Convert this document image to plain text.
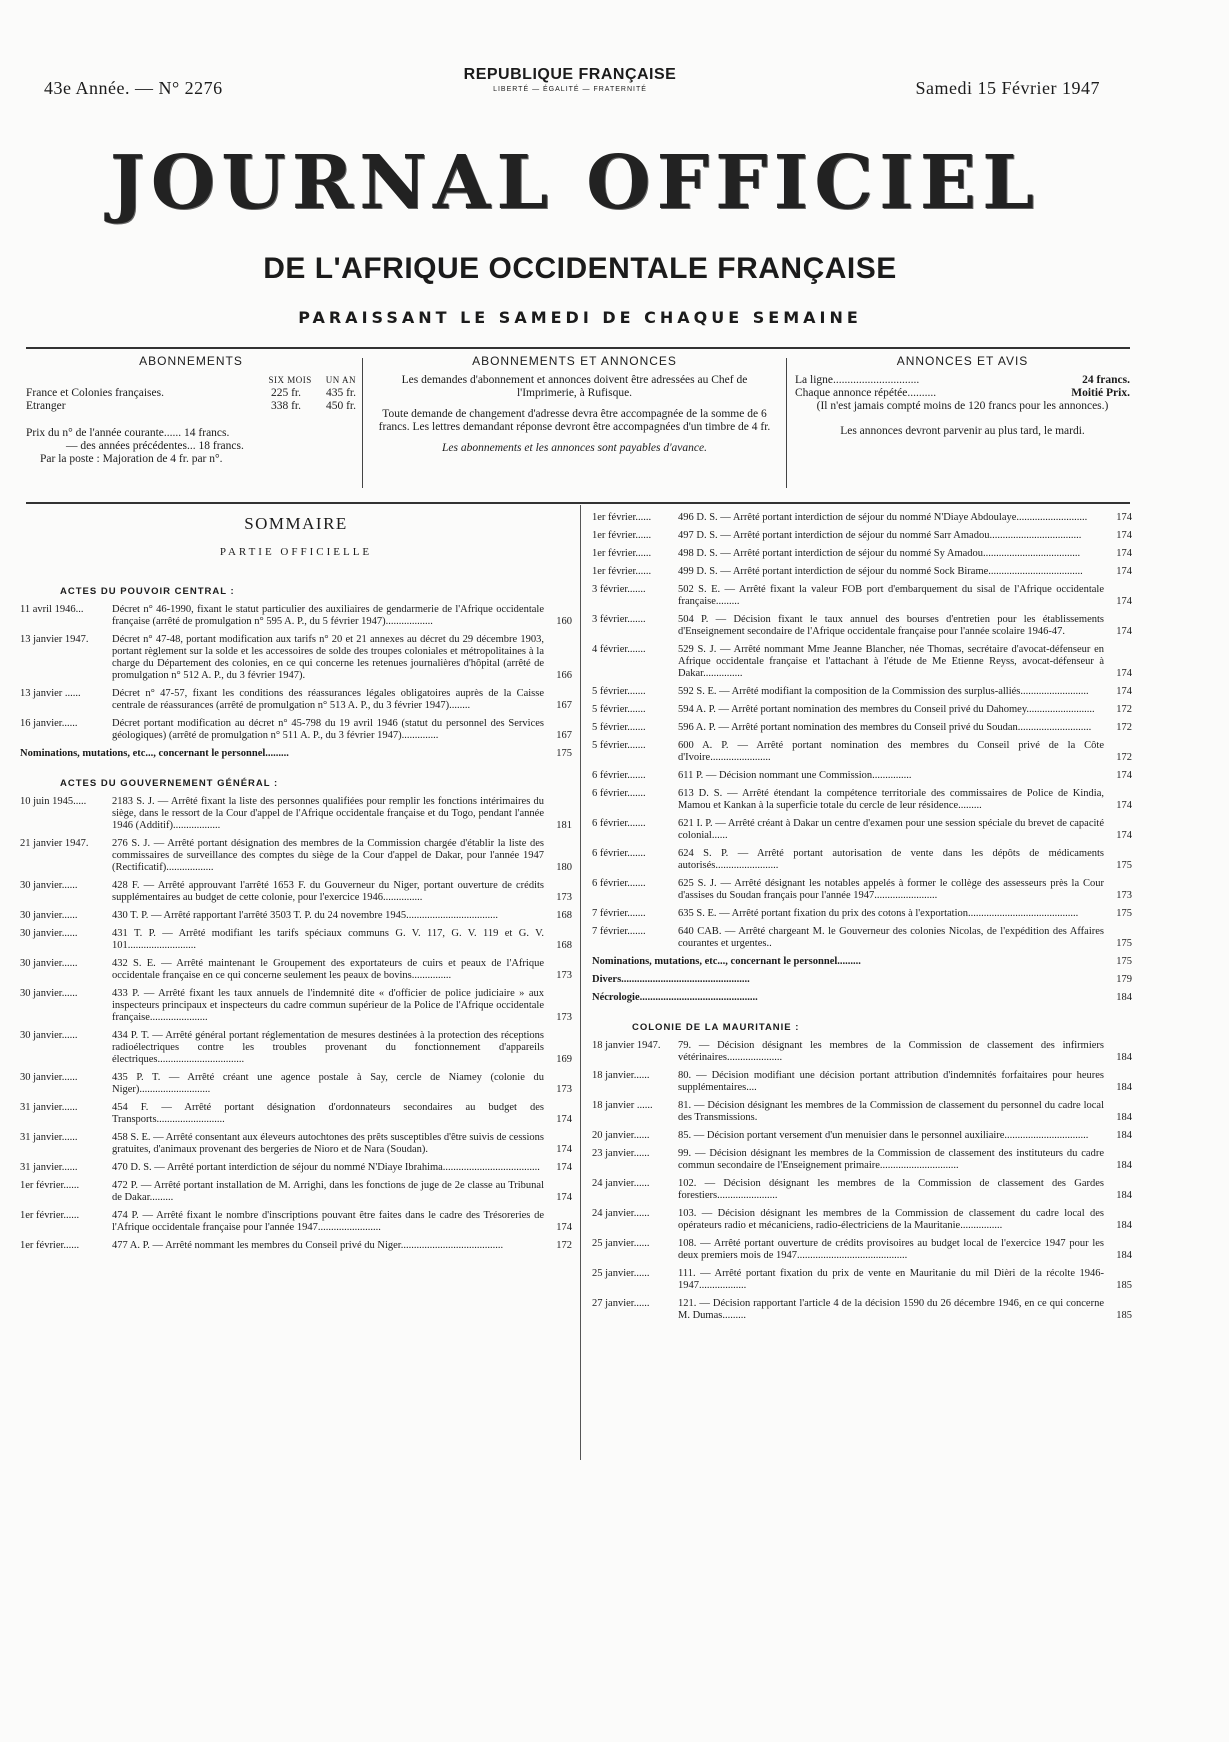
43e Année. — N° 2276
REPUBLIQUE FRANÇAISE
LIBERTÉ — ÉGALITÉ — FRATERNITÉ	Samedi 15 Février 1947
JOURNAL OFFICIEL
DE L'AFRIQUE OCCIDENTALE FRANÇAISE
PARAISSANT LE SAMEDI DE CHAQUE SEMAINE
ABONNEMENTS
SIX MOIS UN AN
France et Colonies françaises.	225 fr.	435 fr.
Etranger	338 fr.	450 fr.

Prix du n° de l'année courante...... 14 francs.

— des années précédentes... 18 francs.

Par la poste : Majoration de 4 fr. par n°.

ABONNEMENTS ET ANNONCES

Les demandes d'abonnement et annonces doivent être adressées au Chef de l'Imprimerie, à Rufisque.

Toute demande de changement d'adresse devra être accompagnée de la somme de 6 francs. Les lettres demandant réponse devront être accompagnées d'un timbre de 4 fr.

Les abonnements et les annonces sont payables d'avance.

ANNONCES ET AVIS
La ligne..............................	24 francs.
Chaque annonce répétée..........	Moitié Prix.

(Il n'est jamais compté moins de 120 francs pour les annonces.)

Les annonces devront parvenir au plus tard, le mardi.

SOMMAIRE
PARTIE OFFICIELLE
ACTES DU POUVOIR CENTRAL :
11 avril 1946...	Décret n° 46-1990, fixant le statut particulier des auxiliaires de gendarmerie de l'Afrique occidentale française (arrêté de promulgation n° 595 A. P., du 5 février 1947)..................	160
13 janvier 1947.	Décret n° 47-48, portant modification aux tarifs n° 20 et 21 annexes au décret du 29 décembre 1903, portant règlement sur la solde et les accessoires de solde des troupes coloniales et métropolitaines à la charge du Département des colonies, en ce qui concerne les retenues journalières d'hôpital (arrêté de promulgation n° 512 A. P., du 3 février 1947).	166
13 janvier ......	Décret n° 47-57, fixant les conditions des réassurances légales obligatoires auprès de la Caisse centrale de réassurances (arrêté de promulgation n° 513 A. P., du 3 février 1947)........	167
16 janvier......	Décret portant modification au décret n° 45-798 du 19 avril 1946 (statut du personnel des Services géologiques) (arrêté de promulgation n° 511 A. P., du 3 février 1947)..............	167
Nominations, mutations, etc..., concernant le personnel.........	175
ACTES DU GOUVERNEMENT GÉNÉRAL :
10 juin 1945.....	2183 S. J. — Arrêté fixant la liste des personnes qualifiées pour remplir les fonctions intérimaires du siège, dans le ressort de la Cour d'appel de l'Afrique occidentale française et du Togo, pendant l'année 1946 (Additif)..................	181
21 janvier 1947.	276 S. J. — Arrêté portant désignation des membres de la Commission chargée d'établir la liste des commissaires de surveillance des comptes du siège de la Cour d'appel de Dakar, pour l'année 1947 (Rectificatif)..................	180
30 janvier......	428 F. — Arrêté approuvant l'arrêté 1653 F. du Gouverneur du Niger, portant ouverture de crédits supplémentaires au budget de cette colonie, pour l'exercice 1946...............	173
30 janvier......	430 T. P. — Arrêté rapportant l'arrêté 3503 T. P. du 24 novembre 1945...................................	168
30 janvier......	431 T. P. — Arrêté modifiant les tarifs spéciaux communs G. V. 117, G. V. 119 et G. V. 101..........................	168
30 janvier......	432 S. E. — Arrêté maintenant le Groupement des exportateurs de cuirs et peaux de l'Afrique occidentale française en ce qui concerne seulement les peaux de bovins...............	173
30 janvier......	433 P. — Arrêté fixant les taux annuels de l'indemnité dite « d'officier de police judiciaire » aux inspecteurs principaux et inspecteurs du cadre commun supérieur de la Police de l'Afrique occidentale française......................	173
30 janvier......	434 P. T. — Arrêté général portant réglementation de mesures destinées à la protection des réceptions radioélectriques contre les troubles provenant du fonctionnement d'appareils électriques.................................	169
30 janvier......	435 P. T. — Arrêté créant une agence postale à Say, cercle de Niamey (colonie du Niger)...........................	173
31 janvier......	454 F. — Arrêté portant désignation d'ordonnateurs secondaires au budget des Transports..........................	174
31 janvier......	458 S. E. — Arrêté consentant aux éleveurs autochtones des prêts susceptibles d'être suivis de cessions gratuites, d'animaux provenant des bergeries de Nioro et de Nara (Soudan).	174
31 janvier......	470 D. S. — Arrêté portant interdiction de séjour du nommé N'Diaye Ibrahima.....................................	174
1er février......	472 P. — Arrêté portant installation de M. Arrighi, dans les fonctions de juge de 2e classe au Tribunal de Dakar.........	174
1er février......	474 P. — Arrêté fixant le nombre d'inscriptions pouvant être faites dans le cadre des Trésoreries de l'Afrique occidentale française pour l'année 1947........................	174
1er février......	477 A. P. — Arrêté nommant les membres du Conseil privé du Niger.......................................	172
1er février......	496 D. S. — Arrêté portant interdiction de séjour du nommé N'Diaye Abdoulaye...........................	174
1er février......	497 D. S. — Arrêté portant interdiction de séjour du nommé Sarr Amadou...................................	174
1er février......	498 D. S. — Arrêté portant interdiction de séjour du nommé Sy Amadou.....................................	174
1er février......	499 D. S. — Arrêté portant interdiction de séjour du nommé Sock Birame....................................	174
3 février.......	502 S. E. — Arrêté fixant la valeur FOB port d'embarquement du sisal de l'Afrique occidentale française.........	174
3 février.......	504 P. — Décision fixant le taux annuel des bourses d'entretien pour les établissements d'Enseignement secondaire de l'Afrique occidentale française pour l'année scolaire 1946-47.	174
4 février.......	529 S. J. — Arrêté nommant Mme Jeanne Blancher, née Thomas, secrétaire d'avocat-défenseur en Afrique occidentale française et l'attachant à l'étude de Me Etienne Reyss, avocat-défenseur à Dakar...............	174
5 février.......	592 S. E. — Arrêté modifiant la composition de la Commission des surplus-alliés..........................	174
5 février.......	594 A. P. — Arrêté portant nomination des membres du Conseil privé du Dahomey..........................	172
5 février.......	596 A. P. — Arrêté portant nomination des membres du Conseil privé du Soudan............................	172
5 février.......	600 A. P. — Arrêté portant nomination des membres du Conseil privé de la Côte d'Ivoire.......................	172
6 février.......	611 P. — Décision nommant une Commission...............	174
6 février.......	613 D. S. — Arrêté étendant la compétence territoriale des commissaires de Police de Kindia, Mamou et Kankan à la superficie totale du cercle de leur résidence.........	174
6 février.......	621 I. P. — Arrêté créant à Dakar un centre d'examen pour une session spéciale du brevet de capacité colonial......	174
6 février.......	624 S. P. — Arrêté portant autorisation de vente dans les dépôts de médicaments autorisés........................	175
6 février.......	625 S. J. — Arrêté désignant les notables appelés à former le collège des assesseurs près la Cour d'assises du Soudan français pour l'année 1947........................	173
7 février.......	635 S. E. — Arrêté portant fixation du prix des cotons à l'exportation..........................................	175
7 février.......	640 CAB. — Arrêté chargeant M. le Gouverneur des colonies Nicolas, de l'expédition des Affaires courantes et urgentes..	175
Nominations, mutations, etc..., concernant le personnel.........	175
Divers.................................................	179
Nécrologie.............................................	184
COLONIE DE LA MAURITANIE :
18 janvier 1947.	79. — Décision désignant les membres de la Commission de classement des infirmiers vétérinaires.....................	184
18 janvier......	80. — Décision modifiant une décision portant attribution d'indemnités forfaitaires pour heures supplémentaires....	184
18 janvier ......	81. — Décision désignant les membres de la Commission de classement du personnel du cadre local des Transmissions.	184
20 janvier......	85. — Décision portant versement d'un menuisier dans le personnel auxiliaire................................	184
23 janvier......	99. — Décision désignant les membres de la Commission de classement des instituteurs du cadre commun secondaire de l'Enseignement primaire..............................	184
24 janvier......	102. — Décision désignant les membres de la Commission de classement des Gardes forestiers.......................	184
24 janvier......	103. — Décision désignant les membres de la Commission de classement du cadre local des opérateurs radio et mécaniciens, radio-électriciens de la Mauritanie................	184
25 janvier......	108. — Arrêté portant ouverture de crédits provisoires au budget local de l'exercice 1947 pour les deux premiers mois de 1947..........................................	184
25 janvier......	111. — Arrêté portant fixation du prix de vente en Mauritanie du mil Dièri de la récolte 1946-1947..................	185
27 janvier......	121. — Décision rapportant l'article 4 de la décision 1590 du 26 décembre 1946, en ce qui concerne M. Dumas.........	185
